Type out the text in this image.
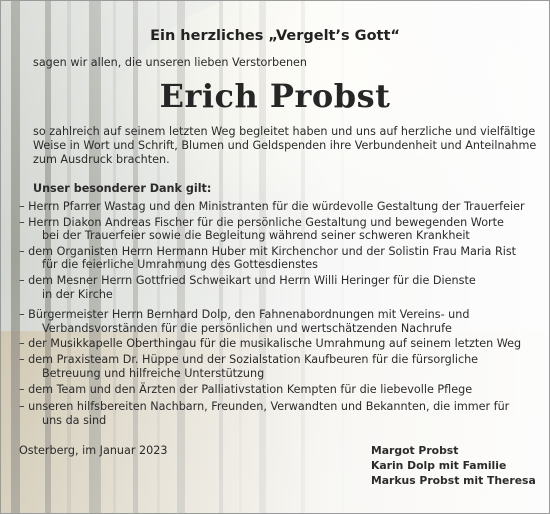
Ein herzliches „Vergelt’s Gott“
sagen wir allen, die unseren lieben Verstorbenen
Erich Probst
so zahlreich auf seinem letzten Weg begleitet haben und uns auf herzliche und vielfältige
Weise in Wort und Schrift, Blumen und Geldspenden ihre Verbundenheit und Anteilnahme
zum Ausdruck brachten.
Unser besonderer Dank gilt:
– Herrn Pfarrer Wastag und den Ministranten für die würdevolle Gestaltung der Trauerfeier
– Herrn Diakon Andreas Fischer für die persönliche Gestaltung und bewegenden Worte
bei der Trauerfeier sowie die Begleitung während seiner schweren Krankheit
– dem Organisten Herrn Hermann Huber mit Kirchenchor und der Solistin Frau Maria Rist
für die feierliche Umrahmung des Gottesdienstes
– dem Mesner Herrn Gottfried Schweikart und Herrn Willi Heringer für die Dienste
in der Kirche
– Bürgermeister Herrn Bernhard Dolp, den Fahnenabordnungen mit Vereins- und
Verbandsvorständen für die persönlichen und wertschätzenden Nachrufe
– der Musikkapelle Oberthingau für die musikalische Umrahmung auf seinem letzten Weg
– dem Praxisteam Dr. Hüppe und der Sozialstation Kaufbeuren für die fürsorgliche
Betreuung und hilfreiche Unterstützung
– dem Team und den Ärzten der Palliativstation Kempten für die liebevolle Pflege
– unseren hilfsbereiten Nachbarn, Freunden, Verwandten und Bekannten, die immer für
uns da sind
Osterberg, im Januar 2023	Margot Probst
Karin Dolp mit Familie
Markus Probst mit Theresa
